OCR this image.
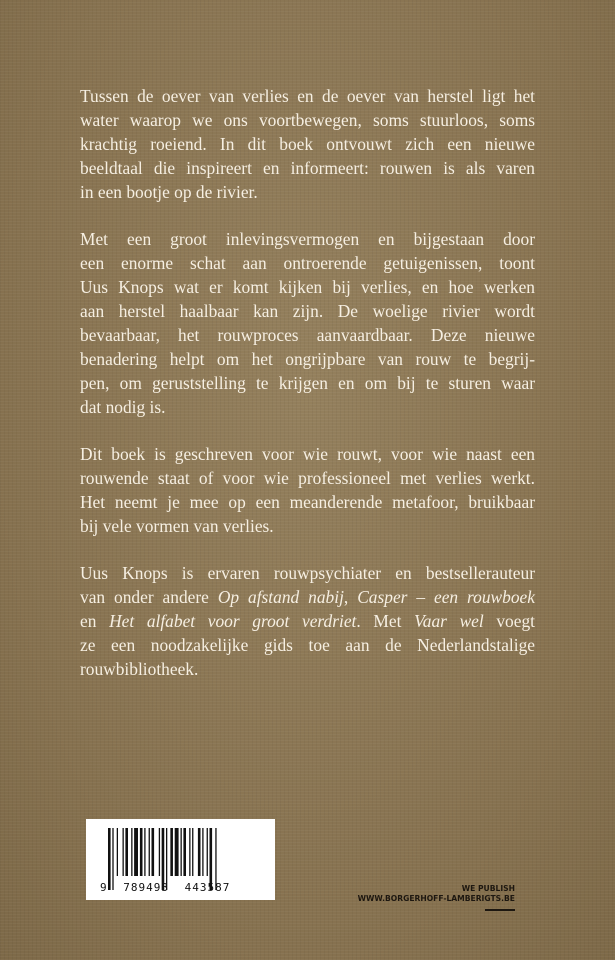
Tussen de oever van verlies en de oever van herstel ligt het
water waarop we ons voortbewegen, soms stuurloos, soms
krachtig roeiend. In dit boek ontvouwt zich een nieuwe
beeldtaal die inspireert en informeert: rouwen is als varen
in een bootje op de rivier.
Met een groot inlevingsvermogen en bijgestaan door
een enorme schat aan ontroerende getuigenissen, toont
Uus Knops wat er komt kijken bij verlies, en hoe werken
aan herstel haalbaar kan zijn. De woelige rivier wordt
bevaarbaar, het rouwproces aanvaardbaar. Deze nieuwe
benadering helpt om het ongrijpbare van rouw te begrij-
pen, om geruststelling te krijgen en om bij te sturen waar
dat nodig is.
Dit boek is geschreven voor wie rouwt, voor wie naast een
rouwende staat of voor wie professioneel met verlies werkt.
Het neemt je mee op een meanderende metafoor, bruikbaar
bij vele vormen van verlies.
Uus Knops is ervaren rouwpsychiater en bestsellerauteur
van onder andere Op afstand nabij, Casper – een rouwboek
en Het alfabet voor groot verdriet. Met Vaar wel voegt
ze een noodzakelijke gids toe aan de Nederlandstalige
rouwbibliotheek.
9 789493 443587	WE PUBLISH
WWW.BORGERHOFF-LAMBERIGTS.BE
